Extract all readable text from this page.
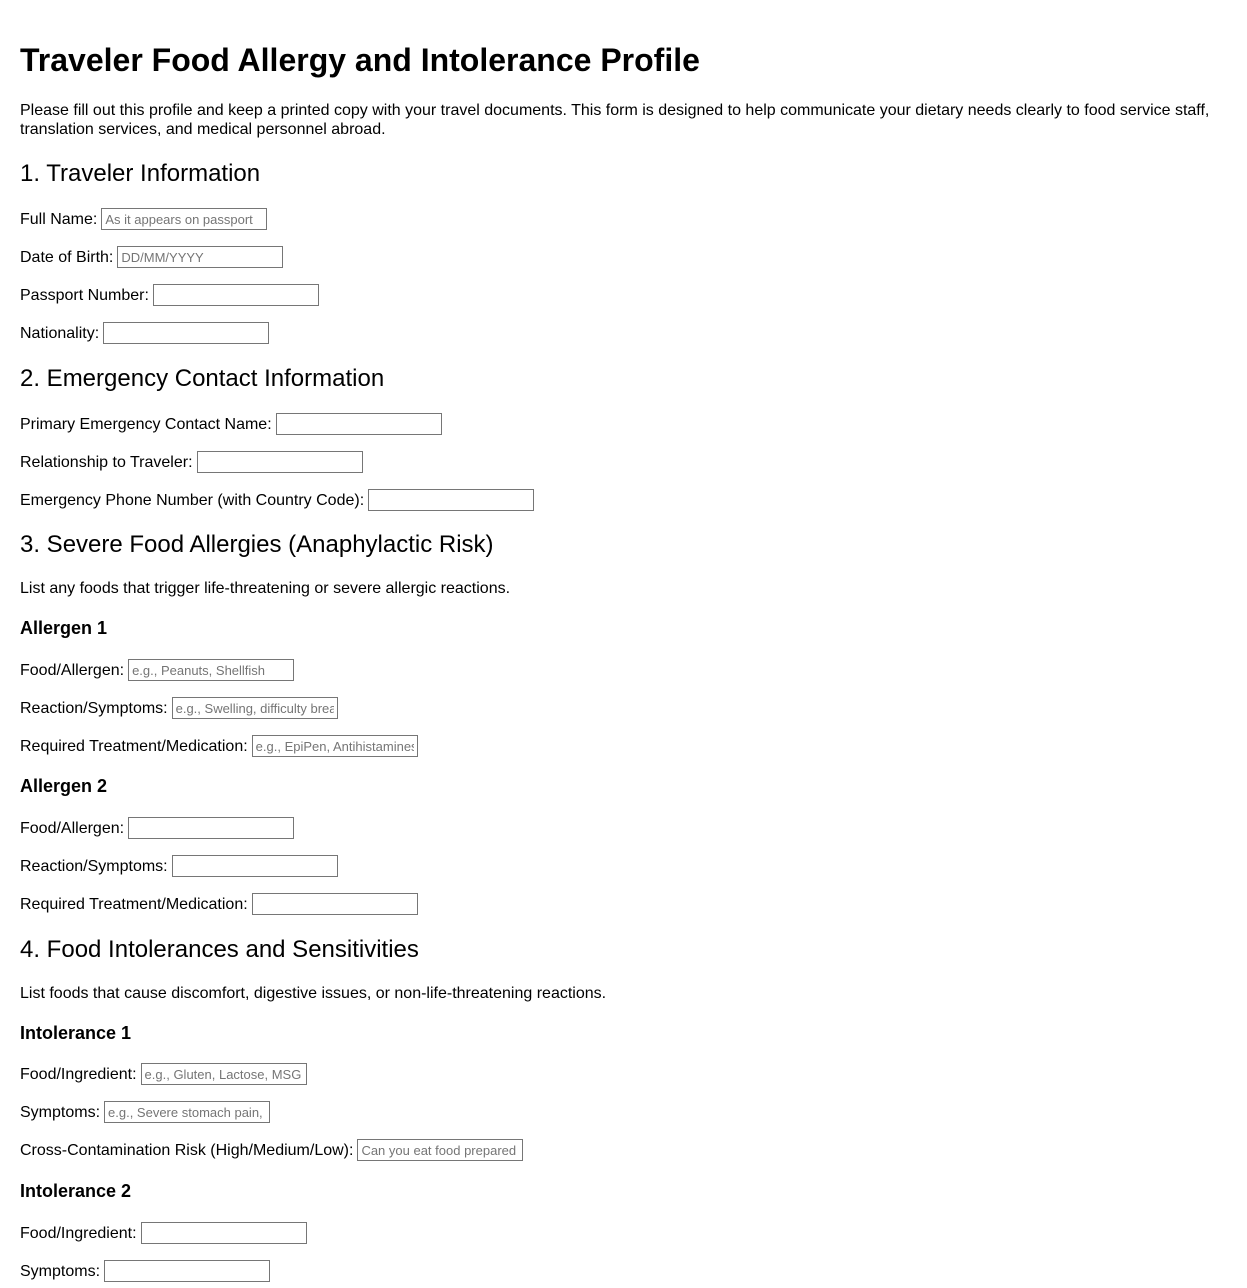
Traveler Food Allergy and Intolerance Profile

Please fill out this profile and keep a printed copy with your travel documents. This form is designed to help communicate your dietary needs clearly to food service staff, translation services, and medical personnel abroad.

1. Traveler Information
Full Name:
As it appears on passport
Date of Birth:
DD/MM/YYYY
Passport Number:
Nationality:
2. Emergency Contact Information
Primary Emergency Contact Name:
Relationship to Traveler:
Emergency Phone Number (with Country Code):
3. Severe Food Allergies (Anaphylactic Risk)

List any foods that trigger life-threatening or severe allergic reactions.

Allergen 1
Food/Allergen:
e.g., Peanuts, Shellfish
Reaction/Symptoms:
e.g., Swelling, difficulty breathing
Required Treatment/Medication:
e.g., EpiPen, Antihistamines
Allergen 2
Food/Allergen:
Reaction/Symptoms:
Required Treatment/Medication:
4. Food Intolerances and Sensitivities

List foods that cause discomfort, digestive issues, or non-life-threatening reactions.

Intolerance 1
Food/Ingredient:
e.g., Gluten, Lactose, MSG
Symptoms:
e.g., Severe stomach pain, bloating
Cross-Contamination Risk (High/Medium/Low):
Can you eat food prepared on shared surfaces?
Intolerance 2
Food/Ingredient:
Symptoms:
